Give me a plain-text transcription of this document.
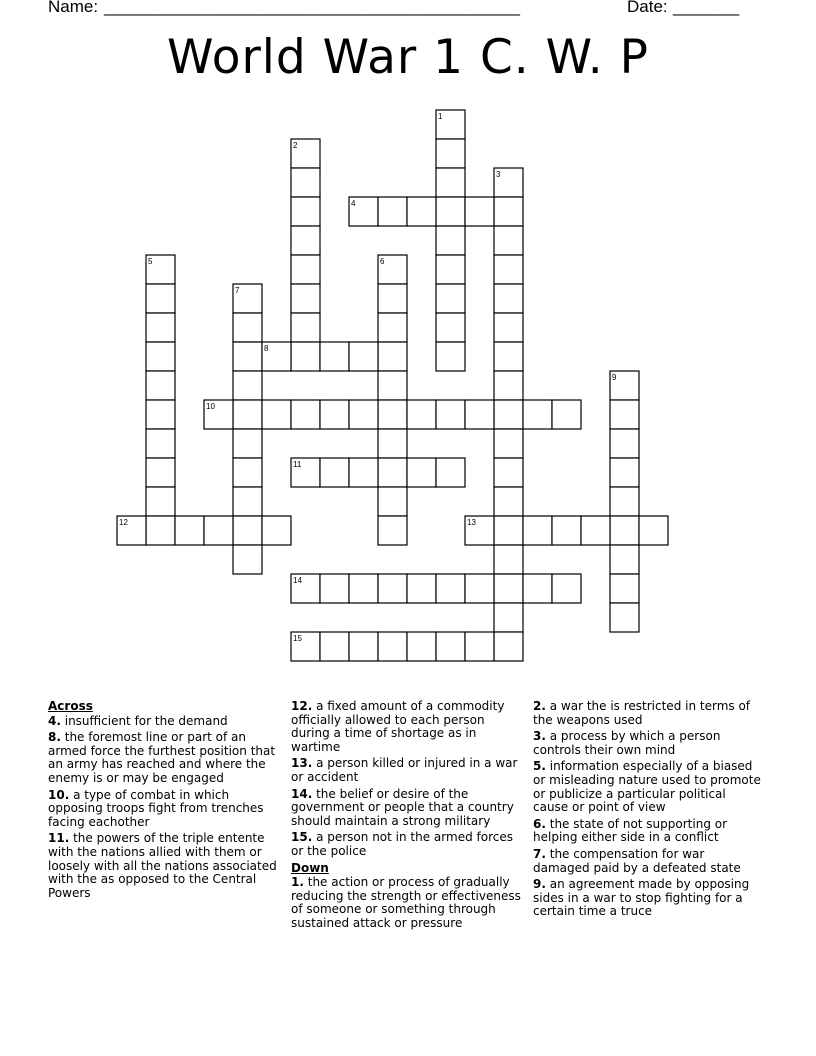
Name: ____________________________________________	Date: _______
World War 1 C. W. P
1
2
3
4
5	6
7
8
9
10
11
12	13
14
15
Across
4. insufficient for the demand
8. the foremost line or part of an armed force the furthest position that an army has reached and where the enemy is or may be engaged
10. a type of combat in which opposing troops fight from trenches facing eachother
11. the powers of the triple entente with the nations allied with them or loosely with all the nations associated with the as opposed to the Central Powers
12. a fixed amount of a commodity officially allowed to each person during a time of shortage as in wartime
13. a person killed or injured in a war or accident
14. the belief or desire of the government or people that a country should maintain a strong military
15. a person not in the armed forces or the police
Down
1. the action or process of gradually reducing the strength or effectiveness of someone or something through sustained attack or pressure
2. a war the is restricted in terms of the weapons used
3. a process by which a person controls their own mind
5. information especially of a biased or misleading nature used to promote or publicize a particular political cause or point of view
6. the state of not supporting or helping either side in a conflict
7. the compensation for war damaged paid by a defeated state
9. an agreement made by opposing sides in a war to stop fighting for a certain time a truce
